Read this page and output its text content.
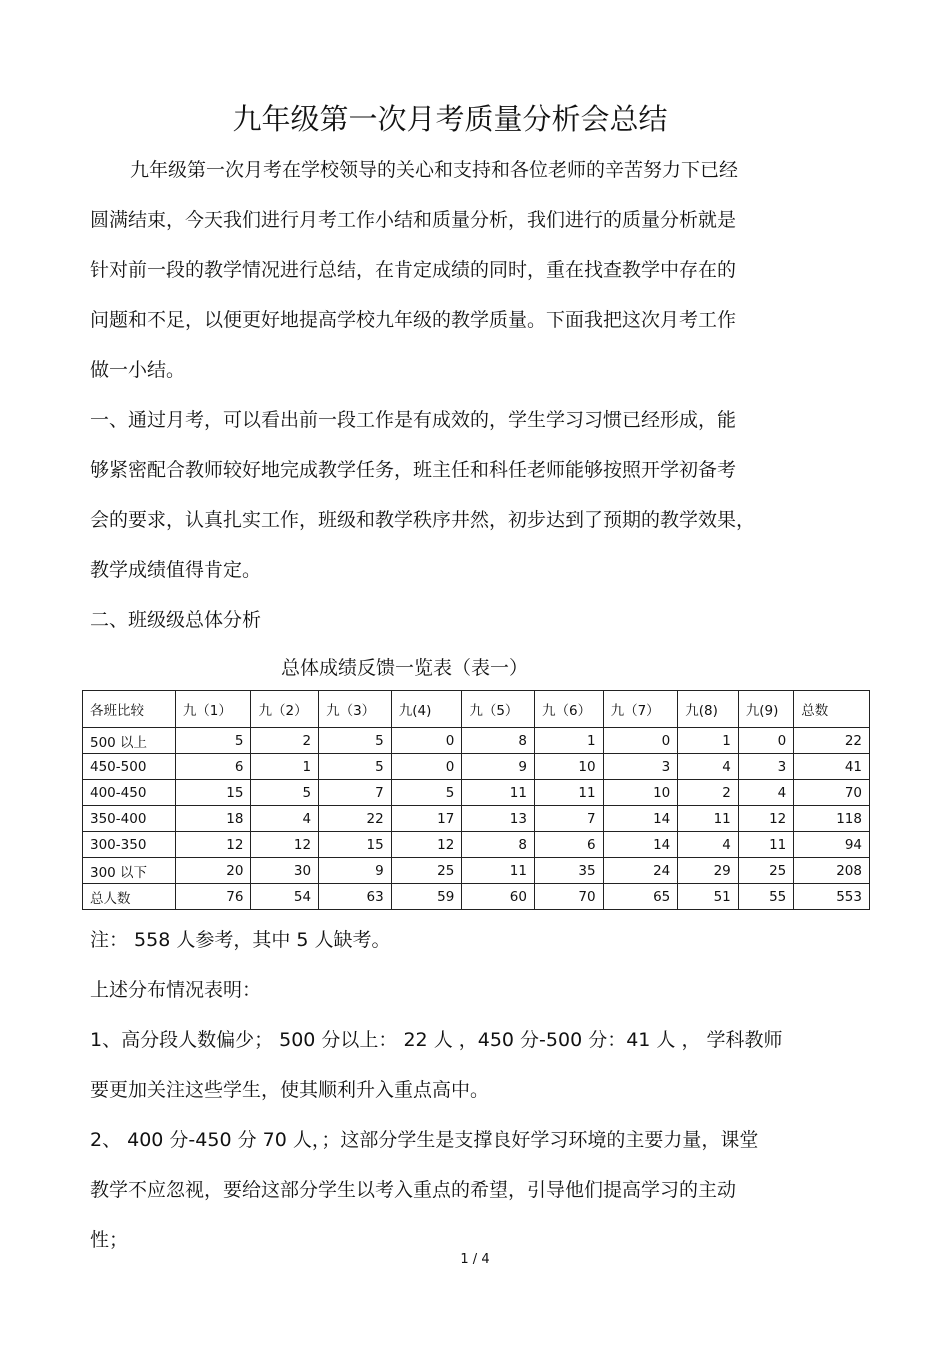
九年级第一次月考质量分析会总结

九年级第一次月考在学校领导的关心和支持和各位老师的辛苦努力下已经

圆满结束，今天我们进行月考工作小结和质量分析，我们进行的质量分析就是

针对前一段的教学情况进行总结，在肯定成绩的同时，重在找查教学中存在的

问题和不足，以便更好地提高学校九年级的教学质量。下面我把这次月考工作

做一小结。

一、通过月考，可以看出前一段工作是有成效的，学生学习习惯已经形成，能

够紧密配合教师较好地完成教学任务，班主任和科任老师能够按照开学初备考

会的要求，认真扎实工作，班级和教学秩序井然，初步达到了预期的教学效果，

教学成绩值得肯定。

二、班级级总体分析

总体成绩反馈一览表（表一）
各班比较	九（1）	九（2）	九（3）	九(4)	九（5）	九（6）	九（7）	九(8)	九(9)	总数
500 以上	5	2	5	0	8	1	0	1	0	22
450-500	6	1	5	0	9	10	3	4	3	41
400-450	15	5	7	5	11	11	10	2	4	70
350-400	18	4	22	17	13	7	14	11	12	118
300-350	12	12	15	12	8	6	14	4	11	94
300 以下	20	30	9	25	11	35	24	29	25	208
总人数	76	54	63	59	60	70	65	51	55	553

注： 558 人参考，其中 5 人缺考。

上述分布情况表明：

1、高分段人数偏少； 500 分以上： 22 人 ，450 分-500 分：41 人 ， 学科教师

要更加关注这些学生，使其顺利升入重点高中。

2、 400 分-450 分 70 人，；这部分学生是支撑良好学习环境的主要力量，课堂

教学不应忽视，要给这部分学生以考入重点的希望，引导他们提高学习的主动

性；

1 / 4
